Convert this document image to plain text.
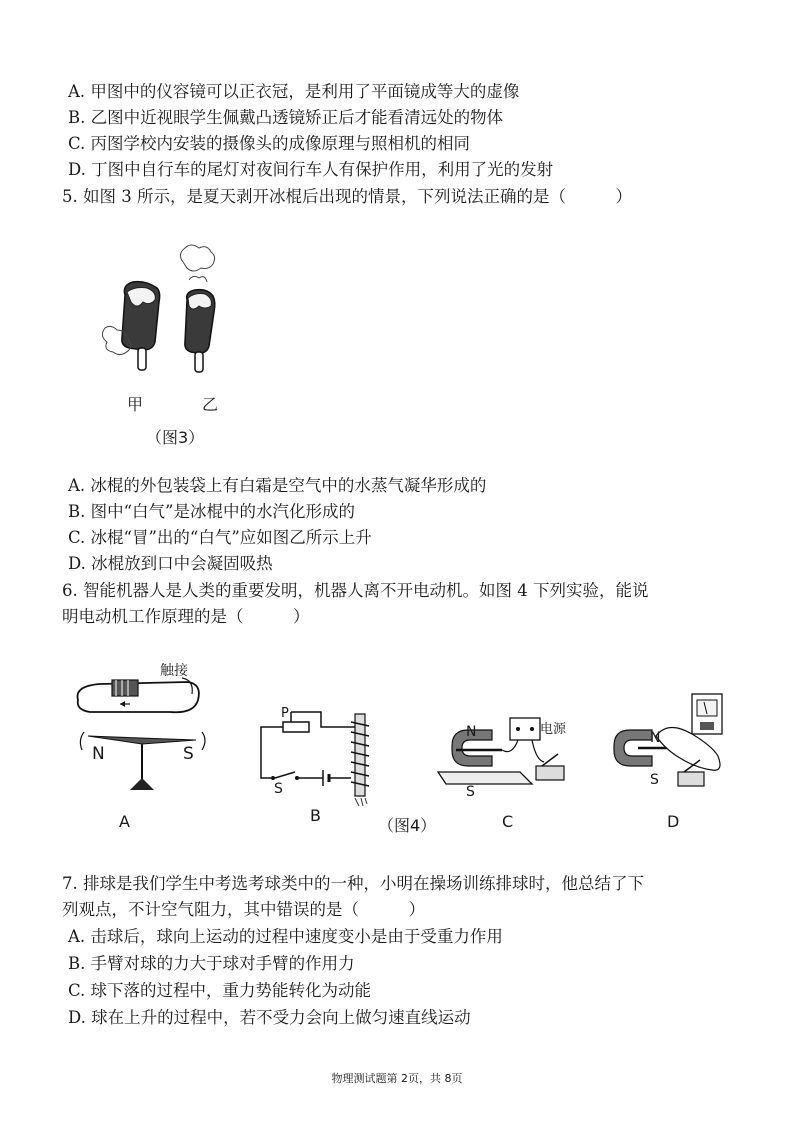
A. 甲图中的仪容镜可以正衣冠，是利用了平面镜成等大的虚像
B. 乙图中近视眼学生佩戴凸透镜矫正后才能看清远处的物体
C. 丙图学校内安装的摄像头的成像原理与照相机的相同
D. 丁图中自行车的尾灯对夜间行车人有保护作用，利用了光的发射
5. 如图 3 所示，是夏天剥开冰棍后出现的情景，下列说法正确的是（　　　）
甲	乙
（图3）
A. 冰棍的外包装袋上有白霜是空气中的水蒸气凝华形成的
B. 图中“白气”是冰棍中的水汽化形成的
C. 冰棍“冒”出的“白气”应如图乙所示上升
D. 冰棍放到口中会凝固吸热
6. 智能机器人是人类的重要发明，机器人离不开电动机。如图 4 下列实验，能说
明电动机工作原理的是（　　　）
触接
N	S
A
P
S
B
N
S
电源
C
N
S
D
（图4）
7. 排球是我们学生中考选考球类中的一种，小明在操场训练排球时，他总结了下
列观点，不计空气阻力，其中错误的是（　　　）
A. 击球后，球向上运动的过程中速度变小是由于受重力作用
B. 手臂对球的力大于球对手臂的作用力
C. 球下落的过程中，重力势能转化为动能
D. 球在上升的过程中，若不受力会向上做匀速直线运动
物理测试题第 2页，共 8页
